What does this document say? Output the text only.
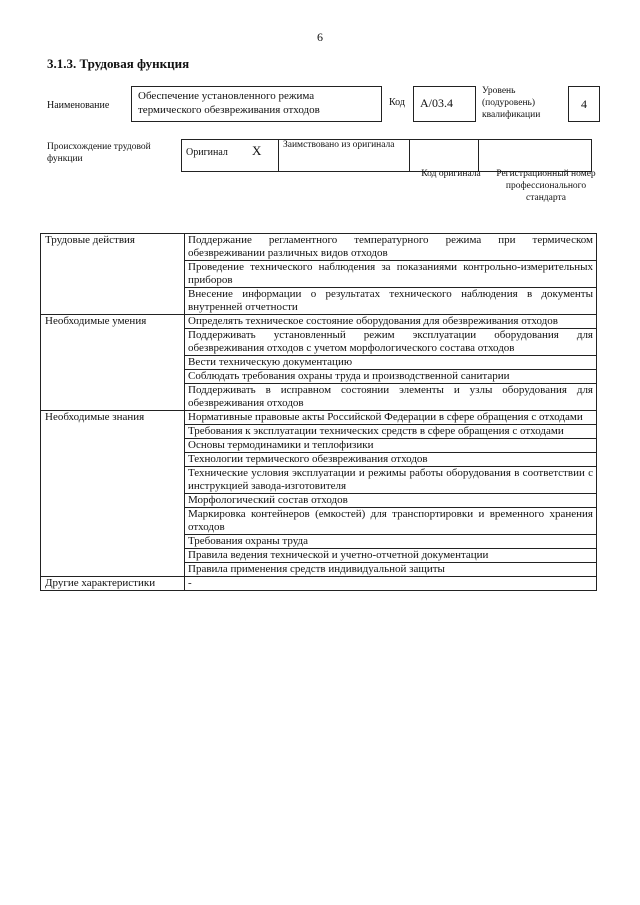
6
3.1.3. Трудовая функция
Наименование
Обеспечение установленного режима термического обезвреживания отходов
Код	A/03.4
Уровень (подуровень) квалификации
4
Происхождение трудовой функции
Оригинал	X	Заимствовано из оригинала		
Код оригинала	Регистрационный номер профессионального стандарта
Трудовые действия	Поддержание регламентного температурного режима при термическом обезвреживании различных видов отходов
	Проведение технического наблюдения за показаниями контрольно-измерительных приборов
	Внесение информации о результатах технического наблюдения в документы внутренней отчетности
Необходимые умения	Определять техническое состояние оборудования для обезвреживания отходов
	Поддерживать установленный режим эксплуатации оборудования для обезвреживания отходов с учетом морфологического состава отходов
	Вести техническую документацию
	Соблюдать требования охраны труда и производственной санитарии
	Поддерживать в исправном состоянии элементы и узлы оборудования для обезвреживания отходов
Необходимые знания	Нормативные правовые акты Российской Федерации в сфере обращения с отходами
	Требования к эксплуатации технических средств в сфере обращения с отходами
	Основы термодинамики и теплофизики
	Технологии термического обезвреживания отходов
	Технические условия эксплуатации и режимы работы оборудования в соответствии с инструкцией завода-изготовителя
	Морфологический состав отходов
	Маркировка контейнеров (емкостей) для транспортировки и временного хранения отходов
	Требования охраны труда
	Правила ведения технической и учетно-отчетной документации
	Правила применения средств индивидуальной защиты
Другие характеристики	-
